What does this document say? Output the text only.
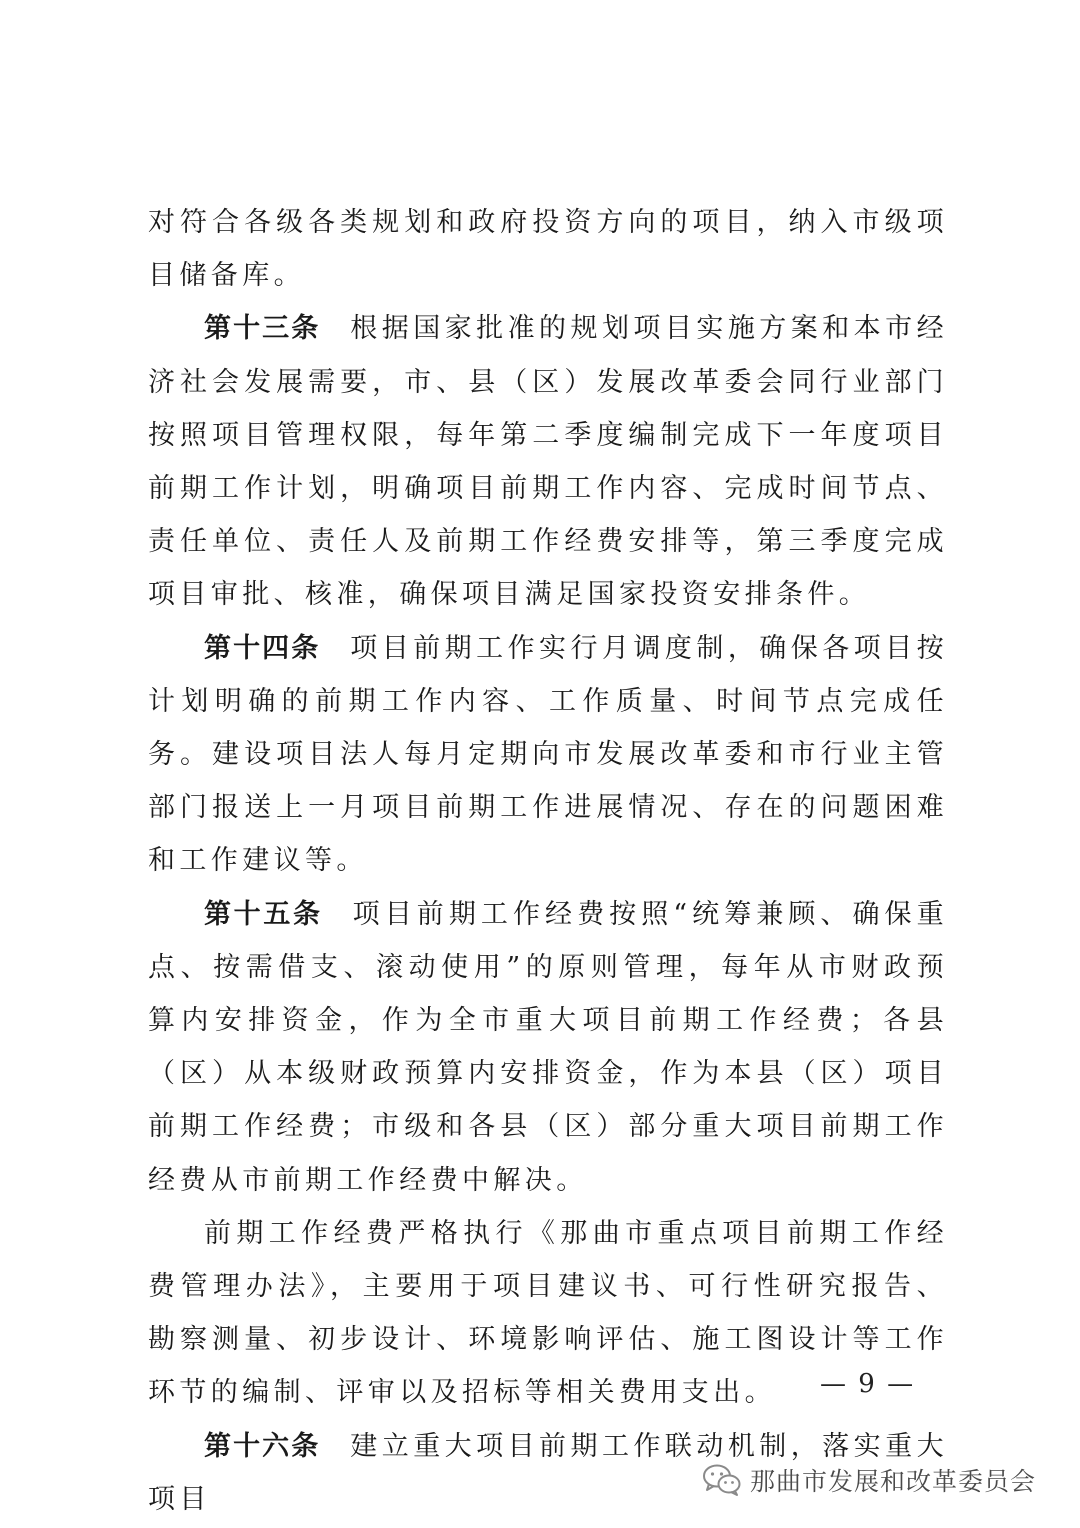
对符合各级各类规划和政府投资方向的项目，纳入市级项目储备库。

第十三条 根据国家批准的规划项目实施方案和本市经济社会发展需要，市、县（区）发展改革委会同行业部门按照项目管理权限，每年第二季度编制完成下一年度项目前期工作计划，明确项目前期工作内容、完成时间节点、责任单位、责任人及前期工作经费安排等，第三季度完成项目审批、核准，确保项目满足国家投资安排条件。

第十四条 项目前期工作实行月调度制，确保各项目按计划明确的前期工作内容、工作质量、时间节点完成任务。建设项目法人每月定期向市发展改革委和市行业主管部门报送上一月项目前期工作进展情况、存在的问题困难和工作建议等。

第十五条 项目前期工作经费按照“统筹兼顾、确保重点、按需借支、滚动使用”的原则管理，每年从市财政预算内安排资金，作为全市重大项目前期工作经费；各县（区）从本级财政预算内安排资金，作为本县（区）项目前期工作经费；市级和各县（区）部分重大项目前期工作经费从市前期工作经费中解决。

前期工作经费严格执行《那曲市重点项目前期工作经费管理办法》，主要用于项目建议书、可行性研究报告、勘察测量、初步设计、环境影响评估、施工图设计等工作环节的编制、评审以及招标等相关费用支出。

第十六条 建立重大项目前期工作联动机制，落实重大项目

— 9 —
那曲市发展和改革委员会
